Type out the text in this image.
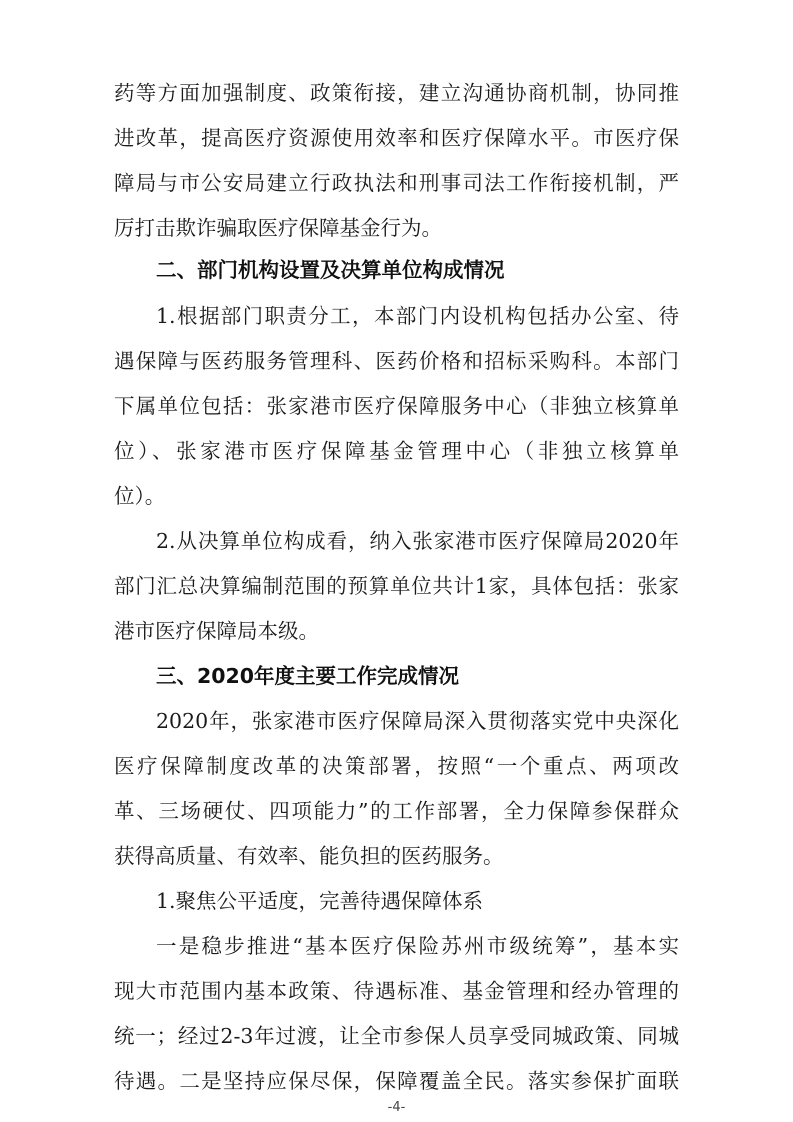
药等方面加强制度、政策衔接，建立沟通协商机制，协同推
进改革，提高医疗资源使用效率和医疗保障水平。市医疗保
障局与市公安局建立行政执法和刑事司法工作衔接机制，严
厉打击欺诈骗取医疗保障基金行为。
二、部门机构设置及决算单位构成情况
1.根据部门职责分工，本部门内设机构包括办公室、待
遇保障与医药服务管理科、医药价格和招标采购科。本部门
下属单位包括：张家港市医疗保障服务中心（非独立核算单
位）、张家港市医疗保障基金管理中心（非独立核算单
位）。
2.从决算单位构成看，纳入张家港市医疗保障局2020年
部门汇总决算编制范围的预算单位共计1家，具体包括：张家
港市医疗保障局本级。
三、2020年度主要工作完成情况
2020年，张家港市医疗保障局深入贯彻落实党中央深化
医疗保障制度改革的决策部署，按照“一个重点、两项改
革、三场硬仗、四项能力”的工作部署，全力保障参保群众
获得高质量、有效率、能负担的医药服务。
1.聚焦公平适度，完善待遇保障体系
一是稳步推进“基本医疗保险苏州市级统筹”，基本实
现大市范围内基本政策、待遇标准、基金管理和经办管理的
统一；经过2-3年过渡，让全市参保人员享受同城政策、同城
待遇。二是坚持应保尽保，保障覆盖全民。落实参保扩面联
-4-
